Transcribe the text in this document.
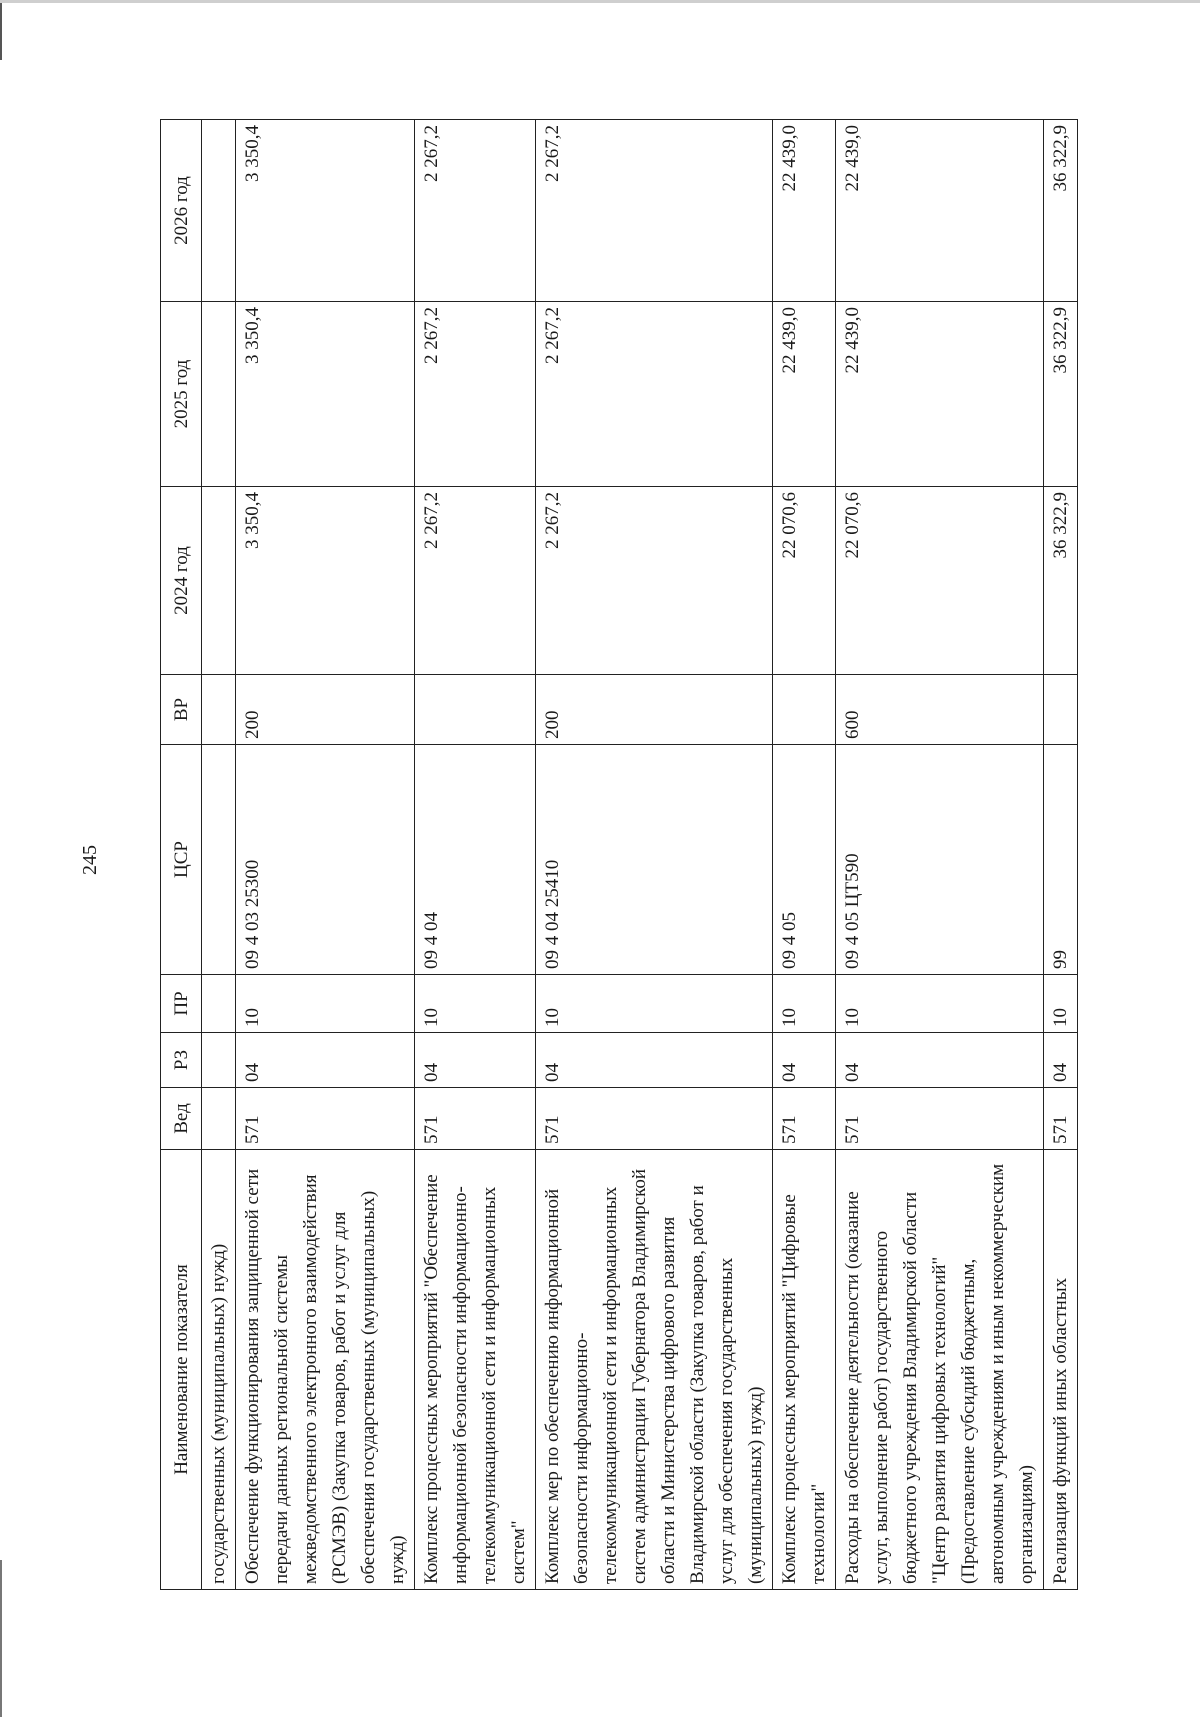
245
Наименование показателя	Вед	РЗ	ПР	ЦСР	ВР	2024 год	2025 год	2026 год
государственных (муниципальных) нужд)								
Обеспечение функционирования защищенной сети передачи данных региональной системы межведомственного электронного взаимодействия (РСМЭВ) (Закупка товаров, работ и услуг для обеспечения государственных (муниципальных) нужд)	571	04	10	09 4 03 25300	200	3 350,4	3 350,4	3 350,4
Комплекс процессных мероприятий "Обеспечение информационной безопасности информационно-телекоммуникационной сети и информационных систем"	571	04	10	09 4 04		2 267,2	2 267,2	2 267,2
Комплекс мер по обеспечению информационной безопасности информационно-телекоммуникационной сети и информационных систем администрации Губернатора Владимирской области и Министерства цифрового развития Владимирской области (Закупка товаров, работ и услуг для обеспечения государственных (муниципальных) нужд)	571	04	10	09 4 04 25410	200	2 267,2	2 267,2	2 267,2
Комплекс процессных мероприятий "Цифровые технологии"	571	04	10	09 4 05		22 070,6	22 439,0	22 439,0
Расходы на обеспечение деятельности (оказание услуг, выполнение работ) государственного бюджетного учреждения Владимирской области "Центр развития цифровых технологий" (Предоставление субсидий бюджетным, автономным учреждениям и иным некоммерческим организациям)	571	04	10	09 4 05 ЦТ590	600	22 070,6	22 439,0	22 439,0
Реализация функций иных областных	571	04	10	99		36 322,9	36 322,9	36 322,9
